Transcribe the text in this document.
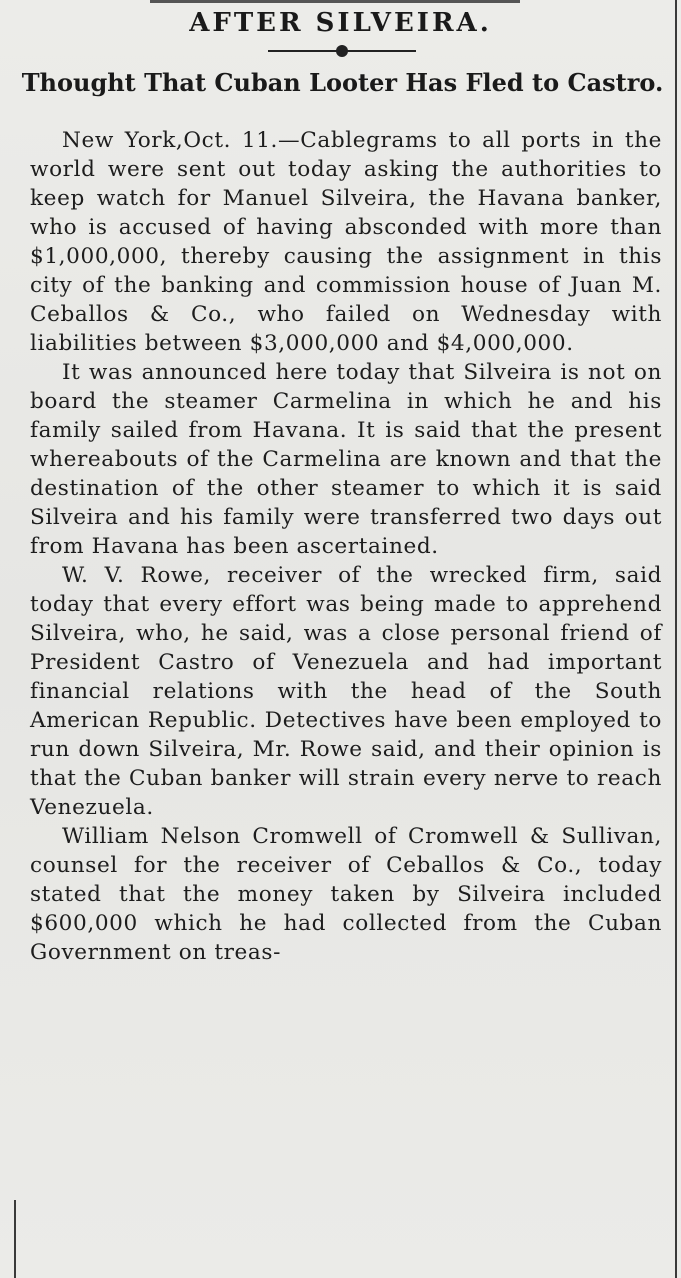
AFTER SILVEIRA.
Thought That Cuban Looter Has Fled to Castro.

New York,Oct. 11.—Cablegrams to all ports in the world were sent out today asking the authorities to keep watch for Manuel Silveira, the Havana banker, who is accused of having absconded with more than $1,000,000, thereby causing the assignment in this city of the banking and commission house of Juan M. Ceballos & Co., who failed on Wednesday with liabilities between $3,000,000 and $4,000,000.

It was announced here today that Silveira is not on board the steamer Carmelina in which he and his family sailed from Havana. It is said that the present whereabouts of the Carmelina are known and that the destination of the other steamer to which it is said Silveira and his family were transferred two days out from Havana has been ascertained.

W. V. Rowe, receiver of the wrecked firm, said today that every effort was being made to apprehend Silveira, who, he said, was a close personal friend of President Castro of Venezuela and had important financial relations with the head of the South American Republic. Detectives have been employed to run down Silveira, Mr. Rowe said, and their opinion is that the Cuban banker will strain every nerve to reach Venezuela.

William Nelson Cromwell of Cromwell & Sullivan, counsel for the receiver of Ceballos & Co., today stated that the money taken by Silveira included $600,000 which he had collected from the Cuban Government on treas-
